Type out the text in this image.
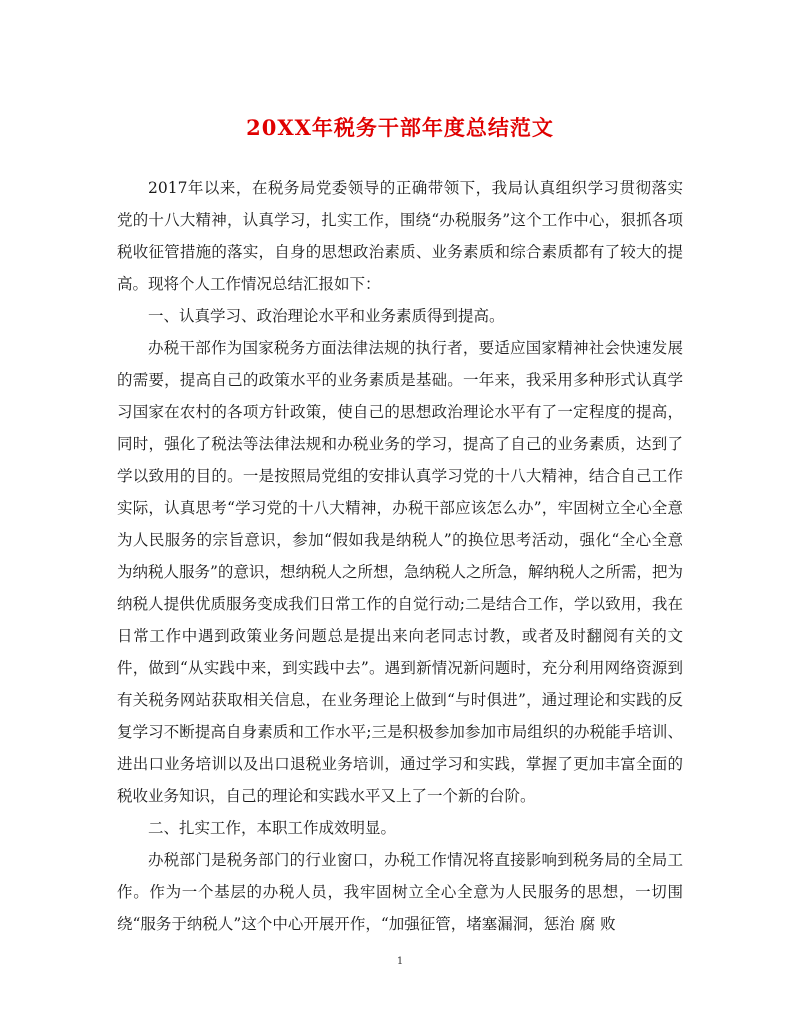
20XX年税务干部年度总结范文

2017年以来，在税务局党委领导的正确带领下，我局认真组织学习贯彻落实党的十八大精神，认真学习，扎实工作，围绕“办税服务”这个工作中心，狠抓各项税收征管措施的落实，自身的思想政治素质、业务素质和综合素质都有了较大的提高。现将个人工作情况总结汇报如下：

一、认真学习、政治理论水平和业务素质得到提高。

办税干部作为国家税务方面法律法规的执行者，要适应国家精神社会快速发展的需要，提高自己的政策水平的业务素质是基础。一年来，我采用多种形式认真学习国家在农村的各项方针政策，使自己的思想政治理论水平有了一定程度的提高，同时，强化了税法等法律法规和办税业务的学习，提高了自己的业务素质，达到了学以致用的目的。一是按照局党组的安排认真学习党的十八大精神，结合自己工作实际，认真思考“学习党的十八大精神，办税干部应该怎么办”，牢固树立全心全意为人民服务的宗旨意识，参加“假如我是纳税人”的换位思考活动，强化“全心全意为纳税人服务”的意识，想纳税人之所想，急纳税人之所急，解纳税人之所需，把为纳税人提供优质服务变成我们日常工作的自觉行动;二是结合工作，学以致用，我在日常工作中遇到政策业务问题总是提出来向老同志讨教，或者及时翻阅有关的文件，做到“从实践中来，到实践中去”。遇到新情况新问题时，充分利用网络资源到有关税务网站获取相关信息，在业务理论上做到“与时俱进”，通过理论和实践的反复学习不断提高自身素质和工作水平;三是积极参加参加市局组织的办税能手培训、进出口业务培训以及出口退税业务培训，通过学习和实践，掌握了更加丰富全面的税收业务知识，自己的理论和实践水平又上了一个新的台阶。

二、扎实工作，本职工作成效明显。

办税部门是税务部门的行业窗口，办税工作情况将直接影响到税务局的全局工作。作为一个基层的办税人员，我牢固树立全心全意为人民服务的思想，一切围绕“服务于纳税人”这个中心开展开作，“加强征管，堵塞漏洞，惩治 腐 败

1
